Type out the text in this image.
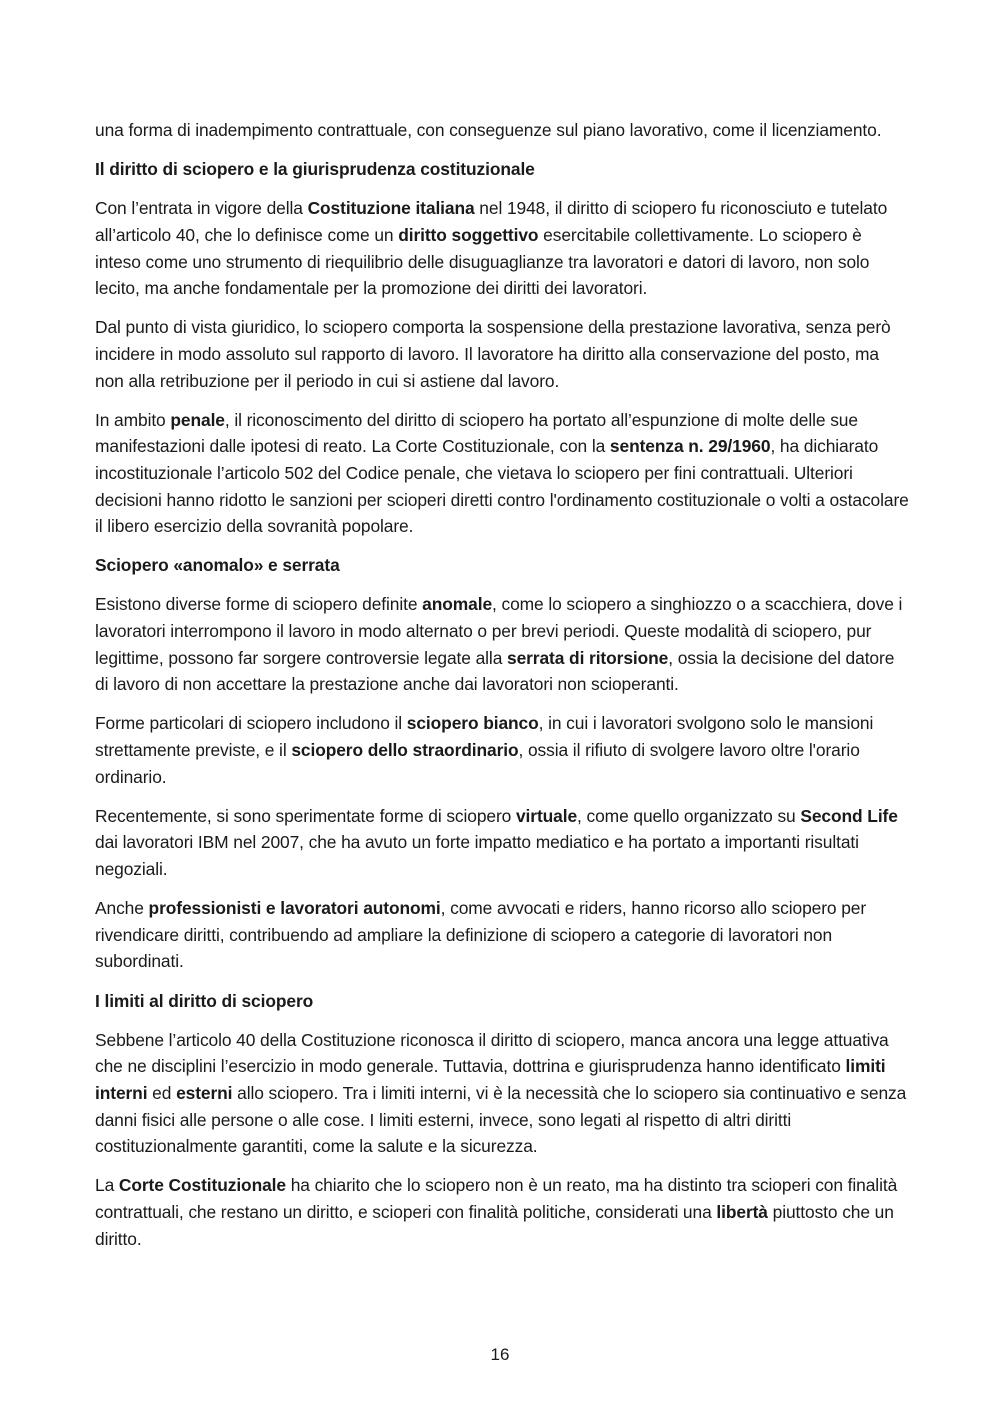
una forma di inadempimento contrattuale, con conseguenze sul piano lavorativo, come il licenziamento.

Il diritto di sciopero e la giurisprudenza costituzionale

Con l’entrata in vigore della Costituzione italiana nel 1948, il diritto di sciopero fu riconosciuto e tutelato all’articolo 40, che lo definisce come un diritto soggettivo esercitabile collettivamente. Lo sciopero è inteso come uno strumento di riequilibrio delle disuguaglianze tra lavoratori e datori di lavoro, non solo lecito, ma anche fondamentale per la promozione dei diritti dei lavoratori.

Dal punto di vista giuridico, lo sciopero comporta la sospensione della prestazione lavorativa, senza però incidere in modo assoluto sul rapporto di lavoro. Il lavoratore ha diritto alla conservazione del posto, ma non alla retribuzione per il periodo in cui si astiene dal lavoro.

In ambito penale, il riconoscimento del diritto di sciopero ha portato all’espunzione di molte delle sue manifestazioni dalle ipotesi di reato. La Corte Costituzionale, con la sentenza n. 29/1960, ha dichiarato incostituzionale l’articolo 502 del Codice penale, che vietava lo sciopero per fini contrattuali. Ulteriori decisioni hanno ridotto le sanzioni per scioperi diretti contro l'ordinamento costituzionale o volti a ostacolare il libero esercizio della sovranità popolare.

Sciopero «anomalo» e serrata

Esistono diverse forme di sciopero definite anomale, come lo sciopero a singhiozzo o a scacchiera, dove i lavoratori interrompono il lavoro in modo alternato o per brevi periodi. Queste modalità di sciopero, pur legittime, possono far sorgere controversie legate alla serrata di ritorsione, ossia la decisione del datore di lavoro di non accettare la prestazione anche dai lavoratori non scioperanti.

Forme particolari di sciopero includono il sciopero bianco, in cui i lavoratori svolgono solo le mansioni strettamente previste, e il sciopero dello straordinario, ossia il rifiuto di svolgere lavoro oltre l'orario ordinario.

Recentemente, si sono sperimentate forme di sciopero virtuale, come quello organizzato su Second Life dai lavoratori IBM nel 2007, che ha avuto un forte impatto mediatico e ha portato a importanti risultati negoziali.

Anche professionisti e lavoratori autonomi, come avvocati e riders, hanno ricorso allo sciopero per rivendicare diritti, contribuendo ad ampliare la definizione di sciopero a categorie di lavoratori non subordinati.

I limiti al diritto di sciopero

Sebbene l’articolo 40 della Costituzione riconosca il diritto di sciopero, manca ancora una legge attuativa che ne disciplini l’esercizio in modo generale. Tuttavia, dottrina e giurisprudenza hanno identificato limiti interni ed esterni allo sciopero. Tra i limiti interni, vi è la necessità che lo sciopero sia continuativo e senza danni fisici alle persone o alle cose. I limiti esterni, invece, sono legati al rispetto di altri diritti costituzionalmente garantiti, come la salute e la sicurezza.

La Corte Costituzionale ha chiarito che lo sciopero non è un reato, ma ha distinto tra scioperi con finalità contrattuali, che restano un diritto, e scioperi con finalità politiche, considerati una libertà piuttosto che un diritto.

16
